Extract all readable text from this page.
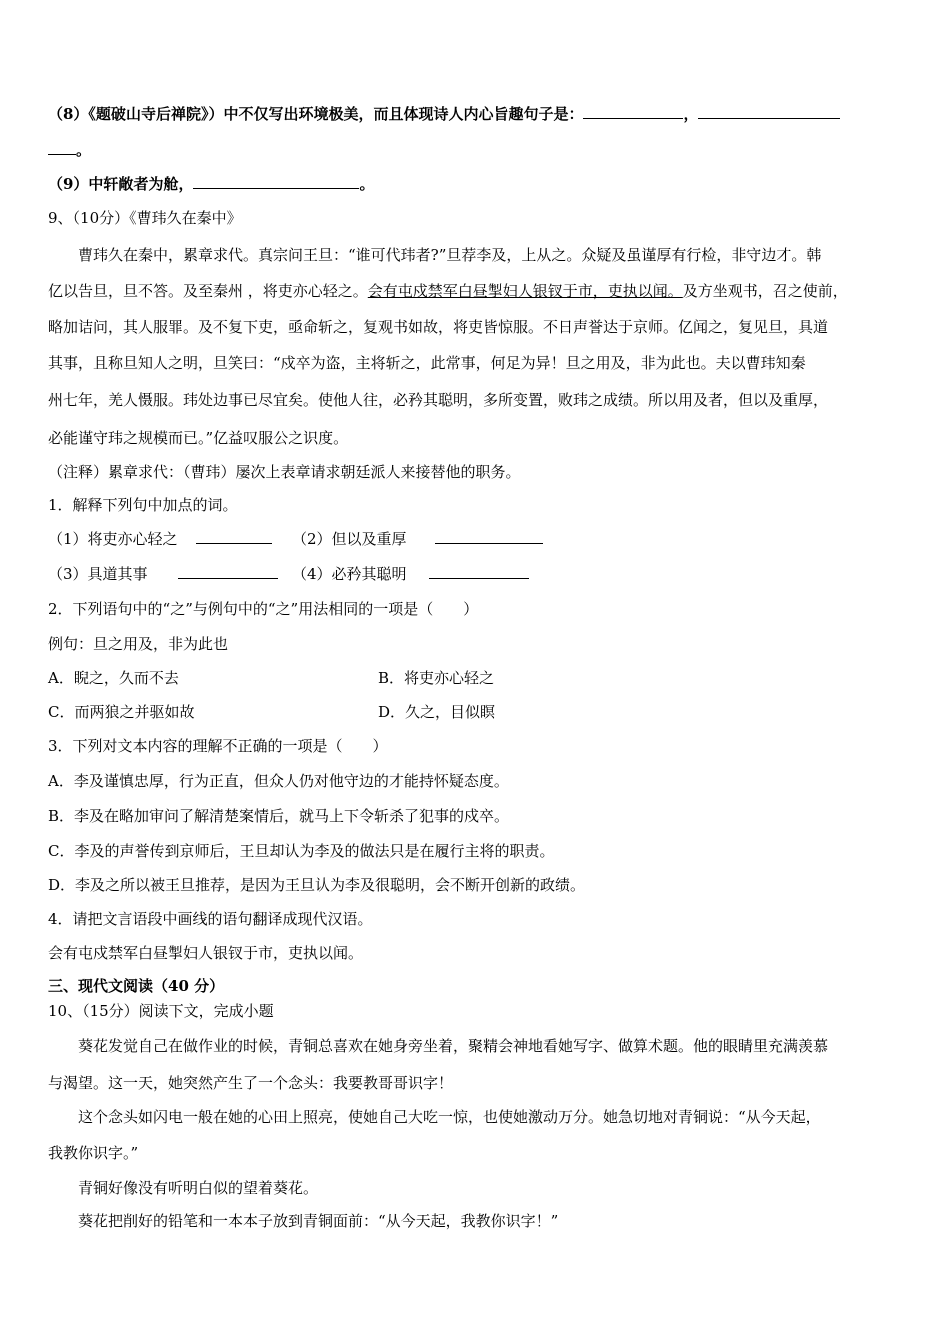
（8）《题破山寺后禅院》）中不仅写出环境极美，而且体现诗人内心旨趣句子是：	，
。
（9）中轩敞者为舱，	。
9、（10分）《曹玮久在秦中》
曹玮久在秦中，累章求代。真宗问王旦：“谁可代玮者?”旦荐李及，上从之。众疑及虽谨厚有行检，非守边才。韩
亿以告旦，旦不答。及至秦州 ，将吏亦心轻之。会有屯戍禁军白昼掣妇人银钗于市，吏执以闻。及方坐观书，召之使前，
略加诘问，其人服罪。及不复下吏，亟命斩之，复观书如故，将吏皆惊服。不日声誉达于京师。亿闻之，复见旦，具道
其事，且称旦知人之明，旦笑曰：“戍卒为盗，主将斩之，此常事，何足为异！旦之用及，非为此也。夫以曹玮知秦
州七年，羌人慑服。玮处边事已尽宜矣。使他人往，必矜其聪明，多所变置，败玮之成绩。所以用及者，但以及重厚，
必能谨守玮之规模而已。”亿益叹服公之识度。
（注释）累章求代：（曹玮）屡次上表章请求朝廷派人来接替他的职务。
1．解释下列句中加点的词。
（1）将吏亦心轻之	（2）但以及重厚
（3）具道其事	（4）必矜其聪明
2．下列语句中的“之”与例句中的“之”用法相同的一项是（　　）
例句：旦之用及，非为此也
A．睨之，久而不去	B．将吏亦心轻之
C．而两狼之并驱如故	D．久之，目似瞑
3．下列对文本内容的理解不正确的一项是（　　）
A．李及谨慎忠厚，行为正直，但众人仍对他守边的才能持怀疑态度。
B．李及在略加审问了解清楚案情后，就马上下令斩杀了犯事的戍卒。
C．李及的声誉传到京师后，王旦却认为李及的做法只是在履行主将的职责。
D．李及之所以被王旦推荐，是因为王旦认为李及很聪明，会不断开创新的政绩。
4．请把文言语段中画线的语句翻译成现代汉语。
会有屯戍禁军白昼掣妇人银钗于市，吏执以闻。
三、现代文阅读（40 分）
10、（15分）阅读下文，完成小题
葵花发觉自己在做作业的时候，青铜总喜欢在她身旁坐着，聚精会神地看她写字、做算术题。他的眼睛里充满羡慕
与渴望。这一天，她突然产生了一个念头：我要教哥哥识字！
这个念头如闪电一般在她的心田上照亮，使她自己大吃一惊，也使她激动万分。她急切地对青铜说：“从今天起，
我教你识字。”
青铜好像没有听明白似的望着葵花。
葵花把削好的铅笔和一本本子放到青铜面前：“从今天起，我教你识字！”
